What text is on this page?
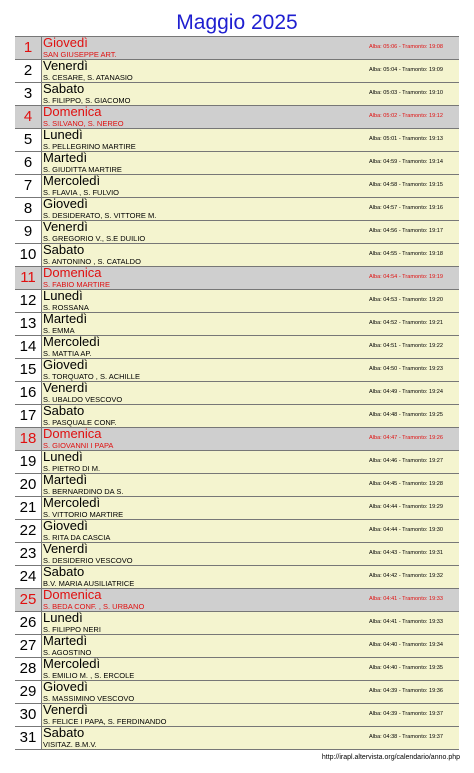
Maggio 2025
1 Giovedì
SAN GIUSEPPE ART.
Alba: 05:06 - Tramonto: 19:08
2 Venerdì
S. CESARE, S. ATANASIO
Alba: 05:04 - Tramonto: 19:09
3 Sabato
S. FILIPPO, S. GIACOMO
Alba: 05:03 - Tramonto: 19:10
4 Domenica
S. SILVANO, S. NEREO
Alba: 05:02 - Tramonto: 19:12
5 Lunedì
S. PELLEGRINO MARTIRE
Alba: 05:01 - Tramonto: 19:13
6 Martedì
S. GIUDITTA MARTIRE
Alba: 04:59 - Tramonto: 19:14
7 Mercoledì
S. FLAVIA , S. FULVIO
Alba: 04:58 - Tramonto: 19:15
8 Giovedì
S. DESIDERATO, S. VITTORE M.
Alba: 04:57 - Tramonto: 19:16
9 Venerdì
S. GREGORIO V., S.E DUILIO
Alba: 04:56 - Tramonto: 19:17
10 Sabato
S. ANTONINO , S. CATALDO
Alba: 04:55 - Tramonto: 19:18
11 Domenica
S. FABIO MARTIRE
Alba: 04:54 - Tramonto: 19:19
12 Lunedì
S. ROSSANA
Alba: 04:53 - Tramonto: 19:20
13 Martedì
S. EMMA
Alba: 04:52 - Tramonto: 19:21
14 Mercoledì
S. MATTIA AP.
Alba: 04:51 - Tramonto: 19:22
15 Giovedì
S. TORQUATO , S. ACHILLE
Alba: 04:50 - Tramonto: 19:23
16 Venerdì
S. UBALDO VESCOVO
Alba: 04:49 - Tramonto: 19:24
17 Sabato
S. PASQUALE CONF.
Alba: 04:48 - Tramonto: 19:25
18 Domenica
S. GIOVANNI I PAPA
Alba: 04:47 - Tramonto: 19:26
19 Lunedì
S. PIETRO DI M.
Alba: 04:46 - Tramonto: 19:27
20 Martedì
S. BERNARDINO DA S.
Alba: 04:45 - Tramonto: 19:28
21 Mercoledì
S. VITTORIO MARTIRE
Alba: 04:44 - Tramonto: 19:29
22 Giovedì
S. RITA DA CASCIA
Alba: 04:44 - Tramonto: 19:30
23 Venerdì
S. DESIDERIO VESCOVO
Alba: 04:43 - Tramonto: 19:31
24 Sabato
B.V. MARIA AUSILIATRICE
Alba: 04:42 - Tramonto: 19:32
25 Domenica
S. BEDA CONF. , S. URBANO
Alba: 04:41 - Tramonto: 19:33
26 Lunedì
S. FILIPPO NERI
Alba: 04:41 - Tramonto: 19:33
27 Martedì
S. AGOSTINO
Alba: 04:40 - Tramonto: 19:34
28 Mercoledì
S. EMILIO M. , S. ERCOLE
Alba: 04:40 - Tramonto: 19:35
29 Giovedì
S. MASSIMINO VESCOVO
Alba: 04:39 - Tramonto: 19:36
30 Venerdì
S. FELICE I PAPA, S. FERDINANDO
Alba: 04:39 - Tramonto: 19:37
31 Sabato
VISITAZ. B.M.V.
Alba: 04:38 - Tramonto: 19:37
http://irapl.altervista.org/calendario/anno.php
